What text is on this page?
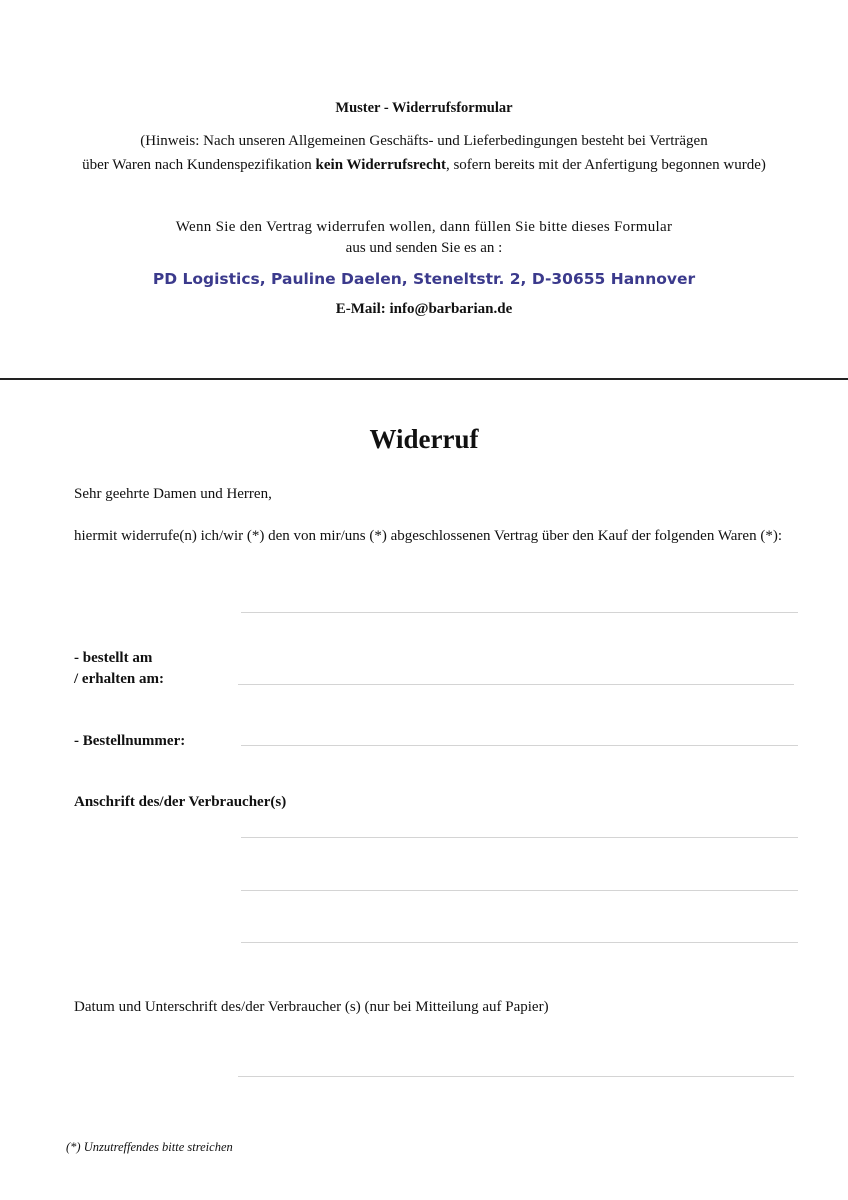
Muster - Widerrufsformular
(Hinweis: Nach unseren Allgemeinen Geschäfts- und Lieferbedingungen besteht bei Verträgen
über Waren nach Kundenspezifikation kein Widerrufsrecht, sofern bereits mit der Anfertigung begonnen wurde)
Wenn Sie den Vertrag widerrufen wollen, dann füllen Sie bitte dieses Formular
aus und senden Sie es an :
PD Logistics, Pauline Daelen, Steneltstr. 2, D-30655 Hannover
E-Mail: info@barbarian.de
Widerruf
Sehr geehrte Damen und Herren,
hiermit widerrufe(n) ich/wir (*) den von mir/uns (*) abgeschlossenen Vertrag über den Kauf der folgenden Waren (*):
- bestellt am
/ erhalten am:
- Bestellnummer:
Anschrift des/der Verbraucher(s)
Datum und Unterschrift des/der Verbraucher (s) (nur bei Mitteilung auf Papier)
(*) Unzutreffendes bitte streichen
